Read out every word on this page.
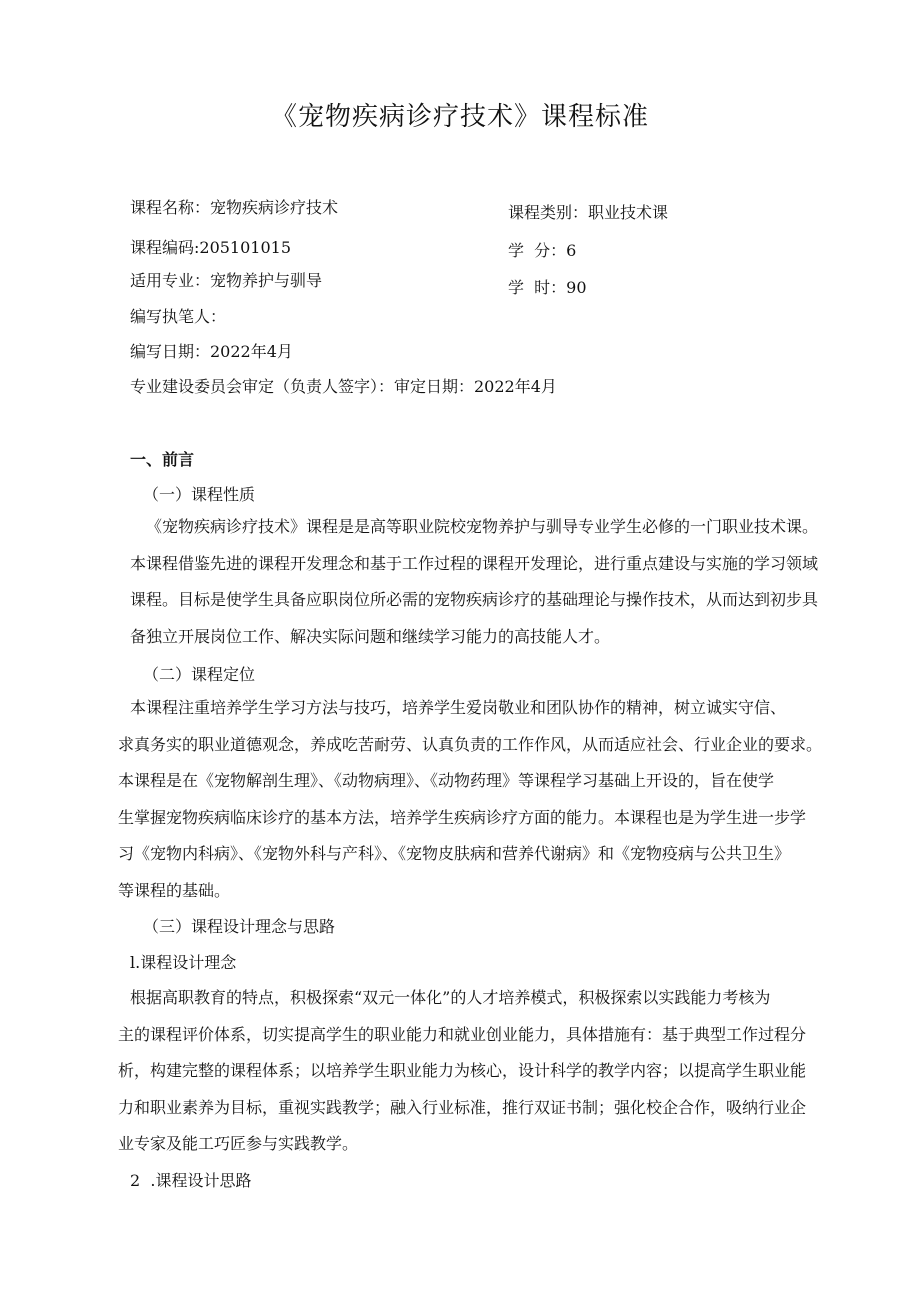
《宠物疾病诊疗技术》课程标准
课程名称：宠物疾病诊疗技术	课程类别：职业技术课
课程编码:205101015	学  分：6
适用专业：宠物养护与驯导	学  时：90
编写执笔人：
编写日期：2022年4月
专业建设委员会审定（负责人签字）：审定日期：2022年4月
一、前言
（一）课程性质
《宠物疾病诊疗技术》课程是是高等职业院校宠物养护与驯导专业学生必修的一门职业技术课。
本课程借鉴先进的课程开发理念和基于工作过程的课程开发理论，进行重点建设与实施的学习领域
课程。目标是使学生具备应职岗位所必需的宠物疾病诊疗的基础理论与操作技术，从而达到初步具
备独立开展岗位工作、解决实际问题和继续学习能力的高技能人才。
（二）课程定位
本课程注重培养学生学习方法与技巧，培养学生爱岗敬业和团队协作的精神，树立诚实守信、
求真务实的职业道德观念，养成吃苦耐劳、认真负责的工作作风，从而适应社会、行业企业的要求。
本课程是在《宠物解剖生理》、《动物病理》、《动物药理》等课程学习基础上开设的，旨在使学
生掌握宠物疾病临床诊疗的基本方法，培养学生疾病诊疗方面的能力。本课程也是为学生进一步学
习《宠物内科病》、《宠物外科与产科》、《宠物皮肤病和营养代谢病》和《宠物疫病与公共卫生》
等课程的基础。
（三）课程设计理念与思路
l.课程设计理念
根据高职教育的特点，积极探索“双元一体化”的人才培养模式，积极探索以实践能力考核为
主的课程评价体系，切实提高学生的职业能力和就业创业能力，具体措施有：基于典型工作过程分
析，构建完整的课程体系；以培养学生职业能力为核心，设计科学的教学内容；以提高学生职业能
力和职业素养为目标，重视实践教学；融入行业标准，推行双证书制；强化校企合作，吸纳行业企
业专家及能工巧匠参与实践教学。
2  .课程设计思路
